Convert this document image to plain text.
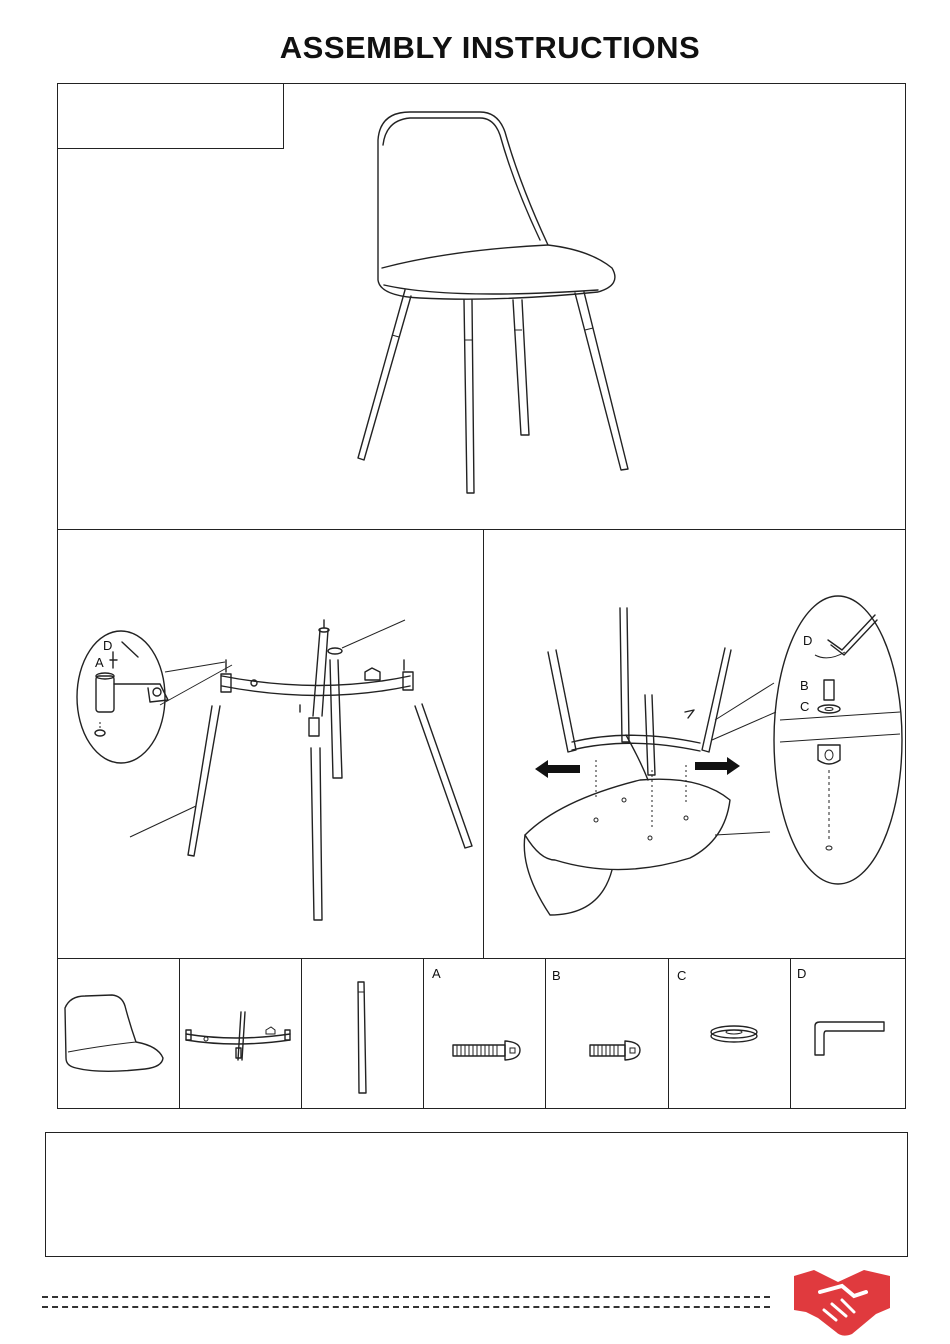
ASSEMBLY INSTRUCTIONS
D
A
D
B
C
A	B	C	D
